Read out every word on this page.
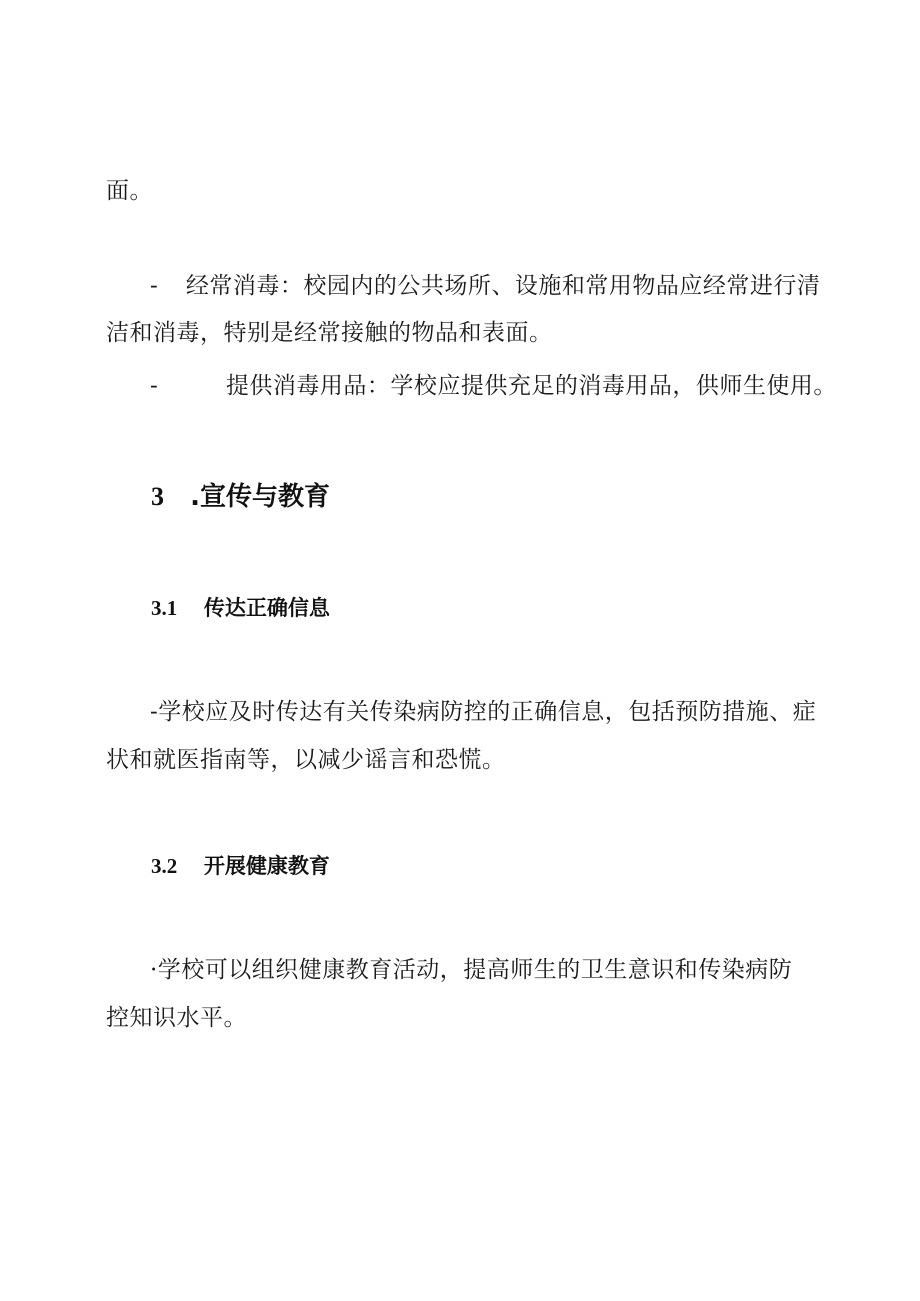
面。
- 经常消毒：校园内的公共场所、设施和常用物品应经常进行清
洁和消毒，特别是经常接触的物品和表面。
-	提供消毒用品：学校应提供充足的消毒用品，供师生使用。
3 .宣传与教育
3.1 传达正确信息
-学校应及时传达有关传染病防控的正确信息，包括预防措施、症
状和就医指南等，以减少谣言和恐慌。
3.2 开展健康教育
·学校可以组织健康教育活动，提高师生的卫生意识和传染病防
控知识水平。
